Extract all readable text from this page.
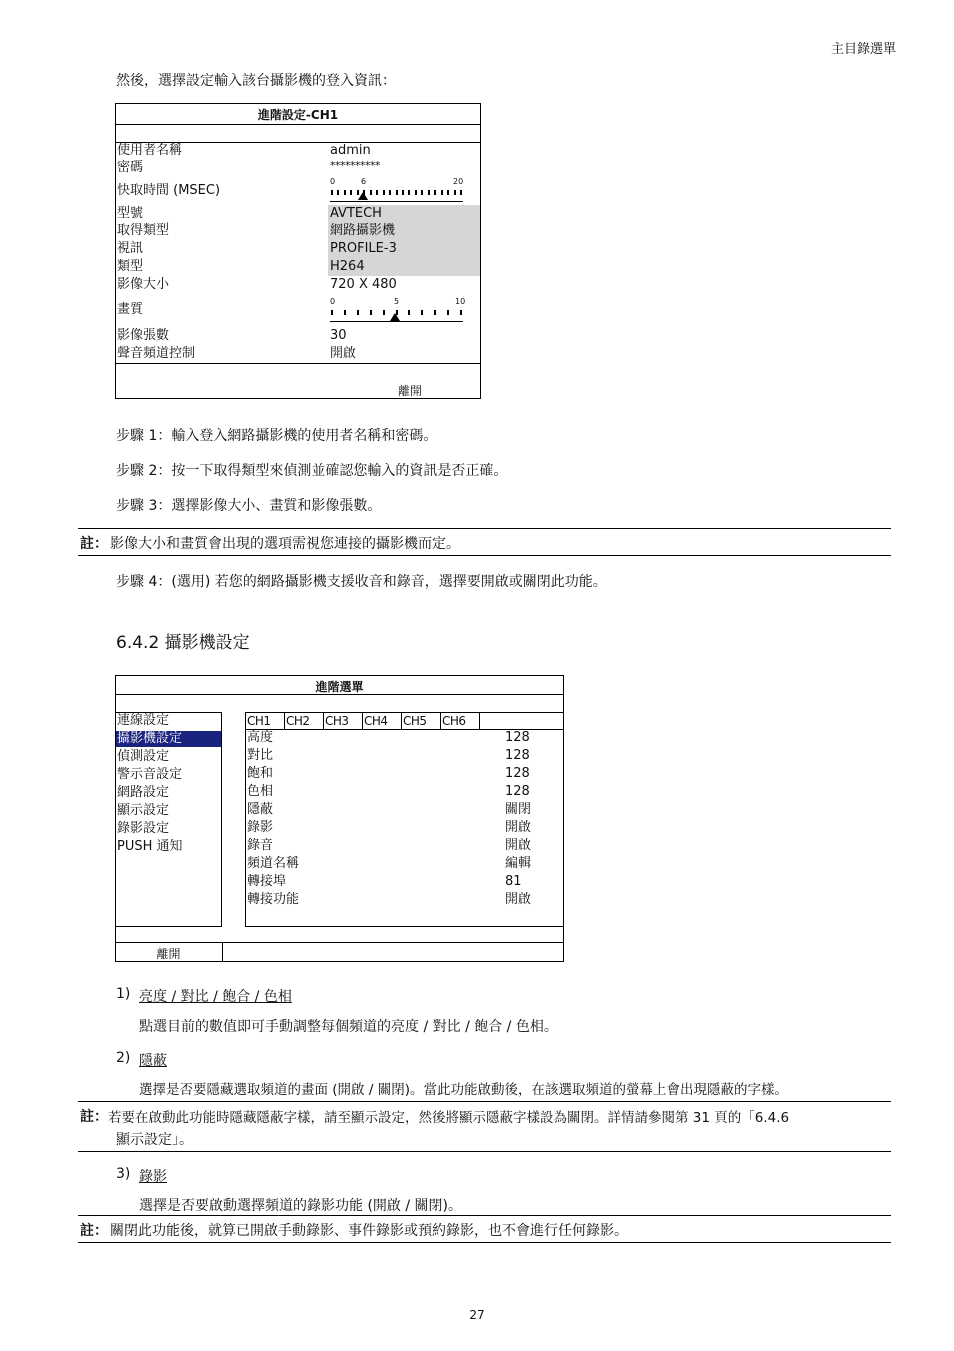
主目錄選單
然後，選擇設定輸入該台攝影機的登入資訊：
進階設定-CH1
使用者名稱	admin
密碼	**********
快取時間 (MSEC)
0	6	20
型號	AVTECH
取得類型	網路攝影機
視訊	PROFILE-3
類型	H264
影像大小	720 X 480
畫質
0	5	10
影像張數	30
聲音頻道控制	開啟
離開
步驟 1：輸入登入網路攝影機的使用者名稱和密碼。
步驟 2：按一下取得類型來偵測並確認您輸入的資訊是否正確。
步驟 3：選擇影像大小、畫質和影像張數。
註： 影像大小和畫質會出現的選項需視您連接的攝影機而定。
步驟 4：(選用) 若您的網路攝影機支援收音和錄音，選擇要開啟或關閉此功能。
6.4.2 攝影機設定
進階選單
連線設定
攝影機設定
偵測設定
警示音設定
網路設定
顯示設定
錄影設定
PUSH 通知
CH1	CH2	CH3	CH4	CH5	CH6
高度	128
對比	128
飽和	128
色相	128
隱蔽	關閉
錄影	開啟
錄音	開啟
頻道名稱	編輯
轉接埠	81
轉接功能	開啟
離開
1) 亮度 / 對比 / 飽合 / 色相
點選目前的數值即可手動調整每個頻道的亮度 / 對比 / 飽合 / 色相。
2) 隱蔽
選擇是否要隱藏選取頻道的畫面 (開啟 / 關閉)。當此功能啟動後，在該選取頻道的螢幕上會出現隱蔽的字樣。
註： 若要在啟動此功能時隱藏隱蔽字樣，請至顯示設定，然後將顯示隱蔽字樣設為關閉。詳情請參閱第 31 頁的「6.4.6
顯示設定」。
3) 錄影
選擇是否要啟動選擇頻道的錄影功能 (開啟 / 關閉)。
註： 關閉此功能後，就算已開啟手動錄影、事件錄影或預約錄影，也不會進行任何錄影。
27
